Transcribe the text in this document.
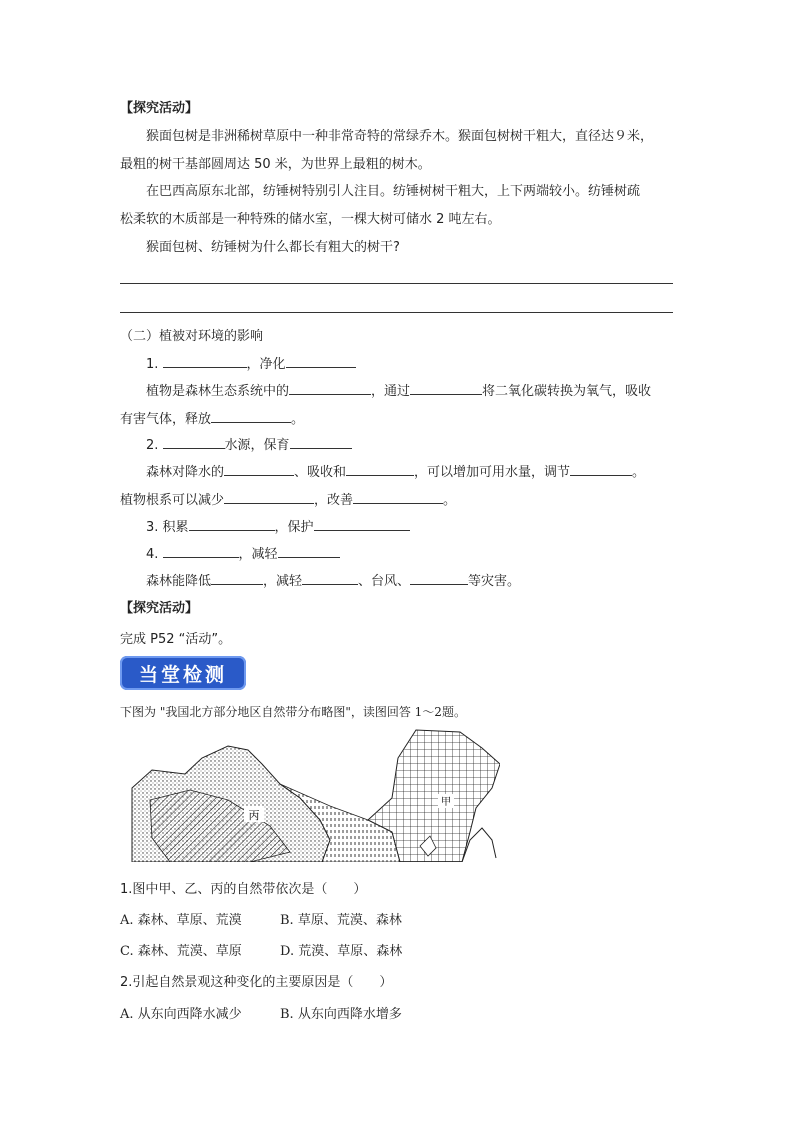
【探究活动】
猴面包树是非洲稀树草原中一种非常奇特的常绿乔木。猴面包树树干粗大，直径达９米，
最粗的树干基部圆周达 50 米，为世界上最粗的树木。
在巴西高原东北部，纺锤树特别引人注目。纺锤树树干粗大，上下两端较小。纺锤树疏
松柔软的木质部是一种特殊的储水室，一棵大树可储水 2 吨左右。
猴面包树、纺锤树为什么都长有粗大的树干?
（二）植被对环境的影响
1.	，净化
植物是森林生态系统中的	，通过	将二氧化碳转换为氧气，吸收
有害气体，释放	。
2.	水源，保育
森林对降水的	、吸收和	，可以增加可用水量，调节	。
植物根系可以减少	，改善	。
3. 积累	，保护
4.	，减轻
森林能降低	，减轻	、台风、	等灾害。
【探究活动】
完成 P52 “活动”。
当堂检测
下图为 "我国北方部分地区自然带分布略图"，读图回答 1～2题。
丙
甲
1.图中甲、乙、丙的自然带依次是（　　）
A. 森林、草原、荒漠	B. 草原、荒漠、森林
C. 森林、荒漠、草原	D. 荒漠、草原、森林
2.引起自然景观这种变化的主要原因是（　　）
A. 从东向西降水减少	B. 从东向西降水增多
